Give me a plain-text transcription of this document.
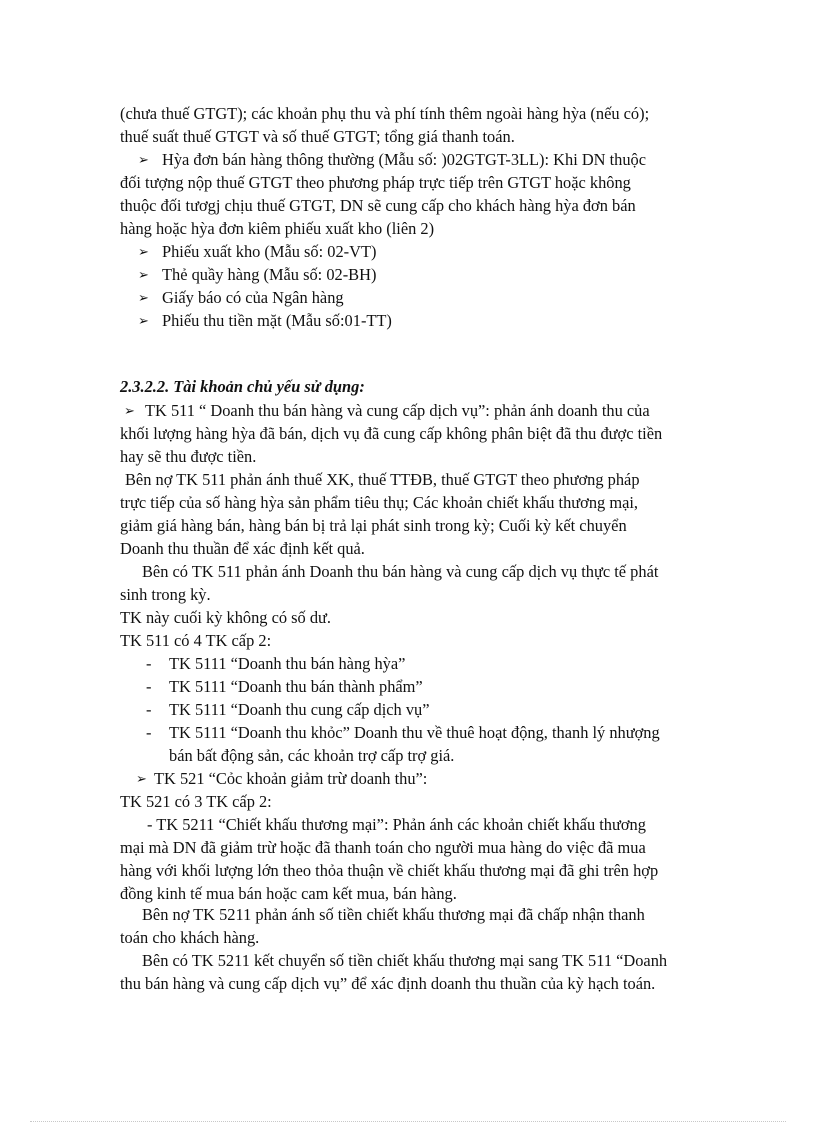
(chưa thuế GTGT); các khoản phụ thu và phí tính thêm ngoài hàng hỳa (nếu có);
thuế suất thuế GTGT và số thuế GTGT; tổng giá thanh toán.
➢ Hỳa đơn bán hàng thông thường (Mẫu số: )02GTGT-3LL): Khi DN thuộc
đối tượng nộp thuế GTGT theo phương pháp trực tiếp trên GTGT hoặc không
thuộc đối tươgj chịu thuế GTGT, DN sẽ cung cấp cho khách hàng hỳa đơn bán
hàng hoặc hỳa đơn kiêm phiếu xuất kho (liên 2)
➢ Phiếu xuất kho (Mẫu số: 02-VT)
➢ Thẻ quầy hàng (Mẫu số: 02-BH)
➢ Giấy báo có của Ngân hàng
➢ Phiếu thu tiền mặt (Mẫu số:01-TT)
2.3.2.2. Tài khoản chủ yếu sử dụng:
➢ TK 511 “ Doanh thu bán hàng và cung cấp dịch vụ”: phản ánh doanh thu của
khối lượng hàng hỳa đã bán, dịch vụ đã cung cấp không phân biệt đã thu được tiền
hay sẽ thu được tiền.
Bên nợ TK 511 phản ánh thuế XK, thuế TTĐB, thuế GTGT theo phương pháp
trực tiếp của số hàng hỳa sản phẩm tiêu thụ; Các khoản chiết khấu thương mại,
giảm giá hàng bán, hàng bán bị trả lại phát sinh trong kỳ; Cuối kỳ kết chuyển
Doanh thu thuần để xác định kết quả.
Bên có TK 511 phản ánh Doanh thu bán hàng và cung cấp dịch vụ thực tế phát
sinh trong kỳ.
TK này cuối kỳ không có số dư.
TK 511 có 4 TK cấp 2:
- TK 5111 “Doanh thu bán hàng hỳa”
- TK 5111 “Doanh thu bán thành phẩm”
- TK 5111 “Doanh thu cung cấp dịch vụ”
- TK 5111 “Doanh thu khỏc” Doanh thu về thuê hoạt động, thanh lý nhượng
bán bất động sản, các khoản trợ cấp trợ giá.
➢ TK 521 “Cỏc khoản giảm trừ doanh thu”:
TK 521 có 3 TK cấp 2:
- TK 5211 “Chiết khấu thương mại”: Phản ánh các khoản chiết khấu thương
mại mà DN đã giảm trừ hoặc đã thanh toán cho người mua hàng do việc đã mua
hàng với khối lượng lớn theo thỏa thuận về chiết khấu thương mại đã ghi trên hợp
đồng kinh tế mua bán hoặc cam kết mua, bán hàng.
Bên nợ TK 5211 phản ánh số tiền chiết khấu thương mại đã chấp nhận thanh
toán cho khách hàng.
Bên có TK 5211 kết chuyển số tiền chiết khấu thương mại sang TK 511 “Doanh
thu bán hàng và cung cấp dịch vụ” để xác định doanh thu thuần của kỳ hạch toán.
